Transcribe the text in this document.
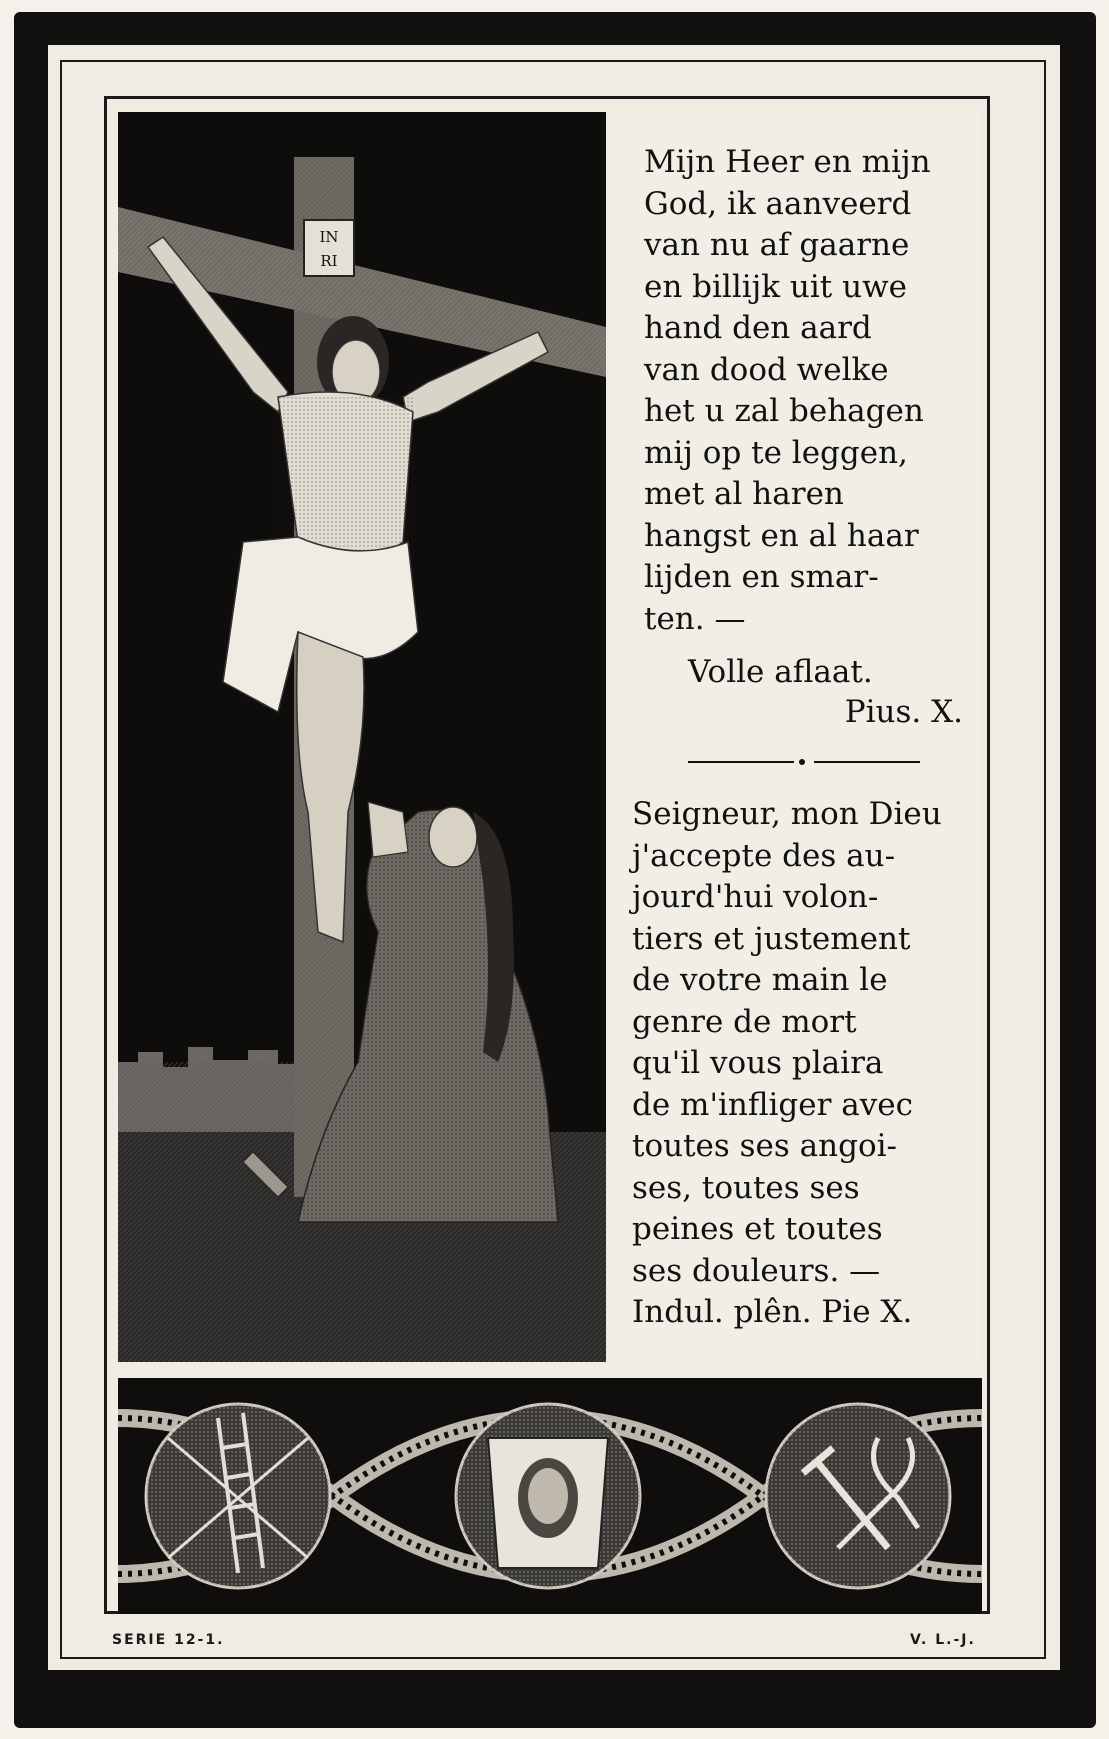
IN
RI

Mijn Heer en mijn
God, ik aanveerd
van nu af gaarne
en billijk uit uwe
hand den aard
van dood welke
het u zal behagen
mij op te leggen,
met al haren
hangst en al haar
lijden en smar-
ten. —

Volle aflaat.

Pius. X.

Seigneur, mon Dieu
j'accepte des au-
jourd'hui volon-
tiers et justement
de votre main le
genre de mort
qu'il vous plaira
de m'infliger avec
toutes ses angoi-
ses, toutes ses
peines et toutes
ses douleurs. —
Indul. plên. Pie X.

SERIE 12-1.	V. L.-J.
